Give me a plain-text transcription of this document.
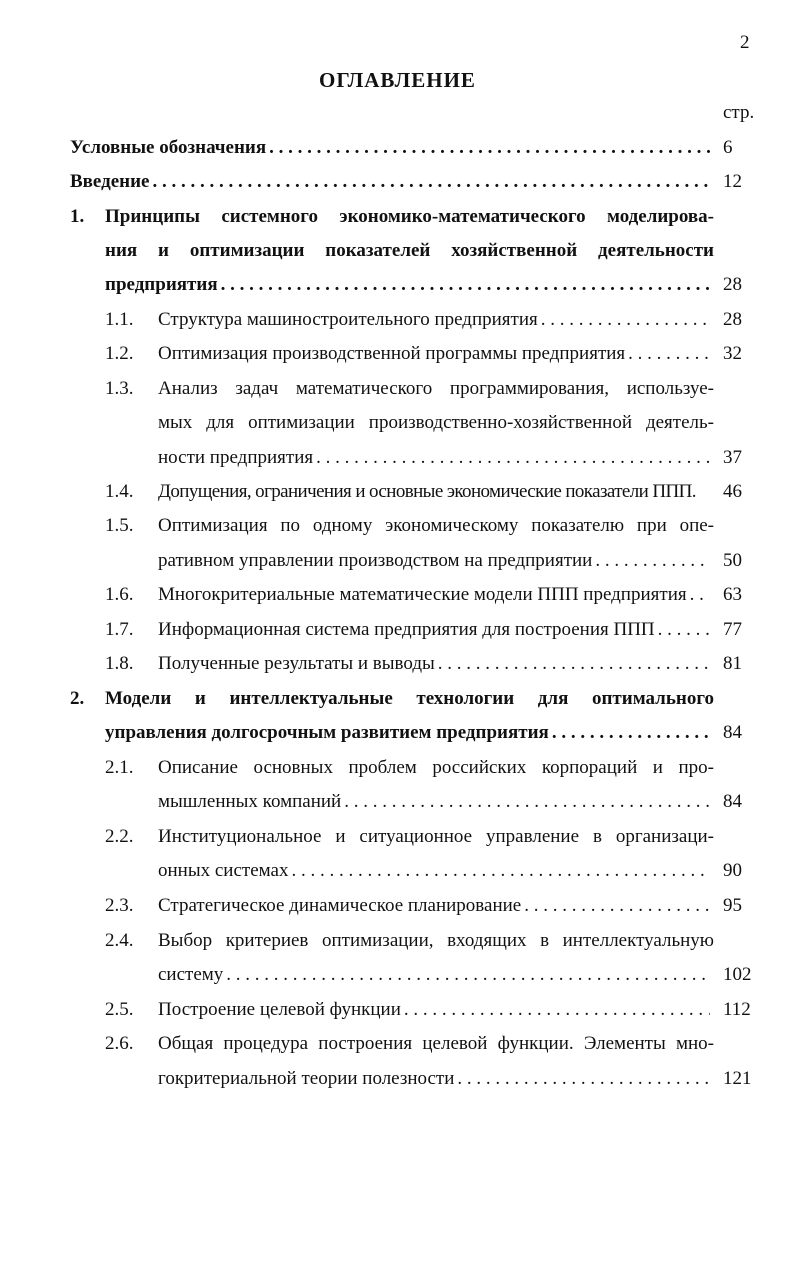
2
ОГЛАВЛЕНИЕ
стр.
Условные обозначения . . .	6
Введение . . .	12
1. Принципы системного экономико-математического моделирова-
ния и оптимизации показателей хозяйственной деятельности
предприятия . . .	28
1.1. Структура машиностроительного предприятия . . .	28
1.2. Оптимизация производственной программы предприятия . . .	32
1.3. Анализ задач математического программирования, используе-
мых для оптимизации производственно-хозяйственной деятель-
ности предприятия . . .	37
1.4. Допущения, ограничения и основные экономические показатели ППП. 46
1.5. Оптимизация по одному экономическому показателю при опе-
ративном управлении производством на предприятии . . .	50
1.6. Многокритериальные математические модели ППП предприятия . . . 63
1.7. Информационная система предприятия для построения ППП . . .	77
1.8. Полученные результаты и выводы . . .	81
2. Модели и интеллектуальные технологии для оптимального
управления долгосрочным развитием предприятия . . .	84
2.1. Описание основных проблем российских корпораций и про-
мышленных компаний . . .	84
2.2. Институциональное и ситуационное управление в организаци-
онных системах . . .	90
2.3. Стратегическое динамическое планирование . . .	95
2.4. Выбор критериев оптимизации, входящих в интеллектуальную
систему . . .	102
2.5. Построение целевой функции . . .	112
2.6. Общая процедура построения целевой функции. Элементы мно-
гокритериальной теории полезности . . .	121
